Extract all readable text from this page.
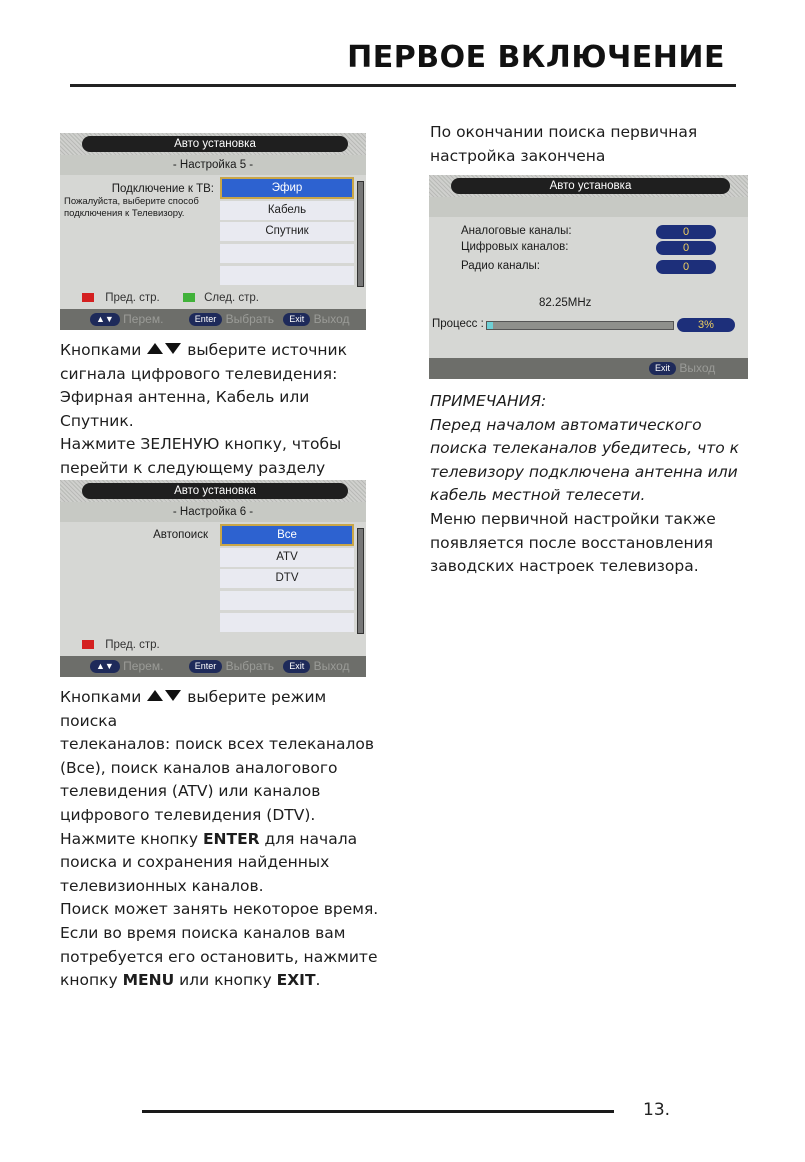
ПЕРВОЕ ВКЛЮЧЕНИЕ
Авто установка
- Настройка 5 -
Подключение к ТВ:
Пожалуйста, выберите способ
подключения к Телевизору.
Эфир
Кабель
Спутник
Пред. стр.	След. стр.
▲▼ Перем.	Enter Выбрать Exit Выход

Кнопками	выберите источник

сигнала цифрового телевидения:

Эфирная антенна, Кабель или Спутник.

Нажмите ЗЕЛЕНУЮ кнопку, чтобы

перейти к следующему разделу

Авто установка
- Настройка 6 -
Автопоиск	Все
ATV
DTV
Пред. стр.
▲▼ Перем.	Enter Выбрать Exit Выход

Кнопками	выберите режим поиска

телеканалов: поиск всех телеканалов

(Все), поиск каналов аналогового

телевидения (ATV) или каналов

цифрового телевидения (DTV).

Нажмите кнопку ENTER для начала

поиска и сохранения найденных

телевизионных каналов.

Поиск может занять некоторое время.

Если во время поиска каналов вам

потребуется его остановить, нажмите

кнопку MENU или кнопку EXIT.

По окончании поиска первичная

настройка закончена

Авто установка
Аналоговые каналы:	0
Цифровых каналов:	0
Радио каналы:	0
82.25MHz
Процесс :	3%
Exit Выход

ПРИМЕЧАНИЯ:

Перед началом автоматического

поиска телеканалов убедитесь, что к

телевизору подключена антенна или

кабель местной телесети.

Меню первичной настройки также

появляется после восстановления

заводских настроек телевизора.

13.
